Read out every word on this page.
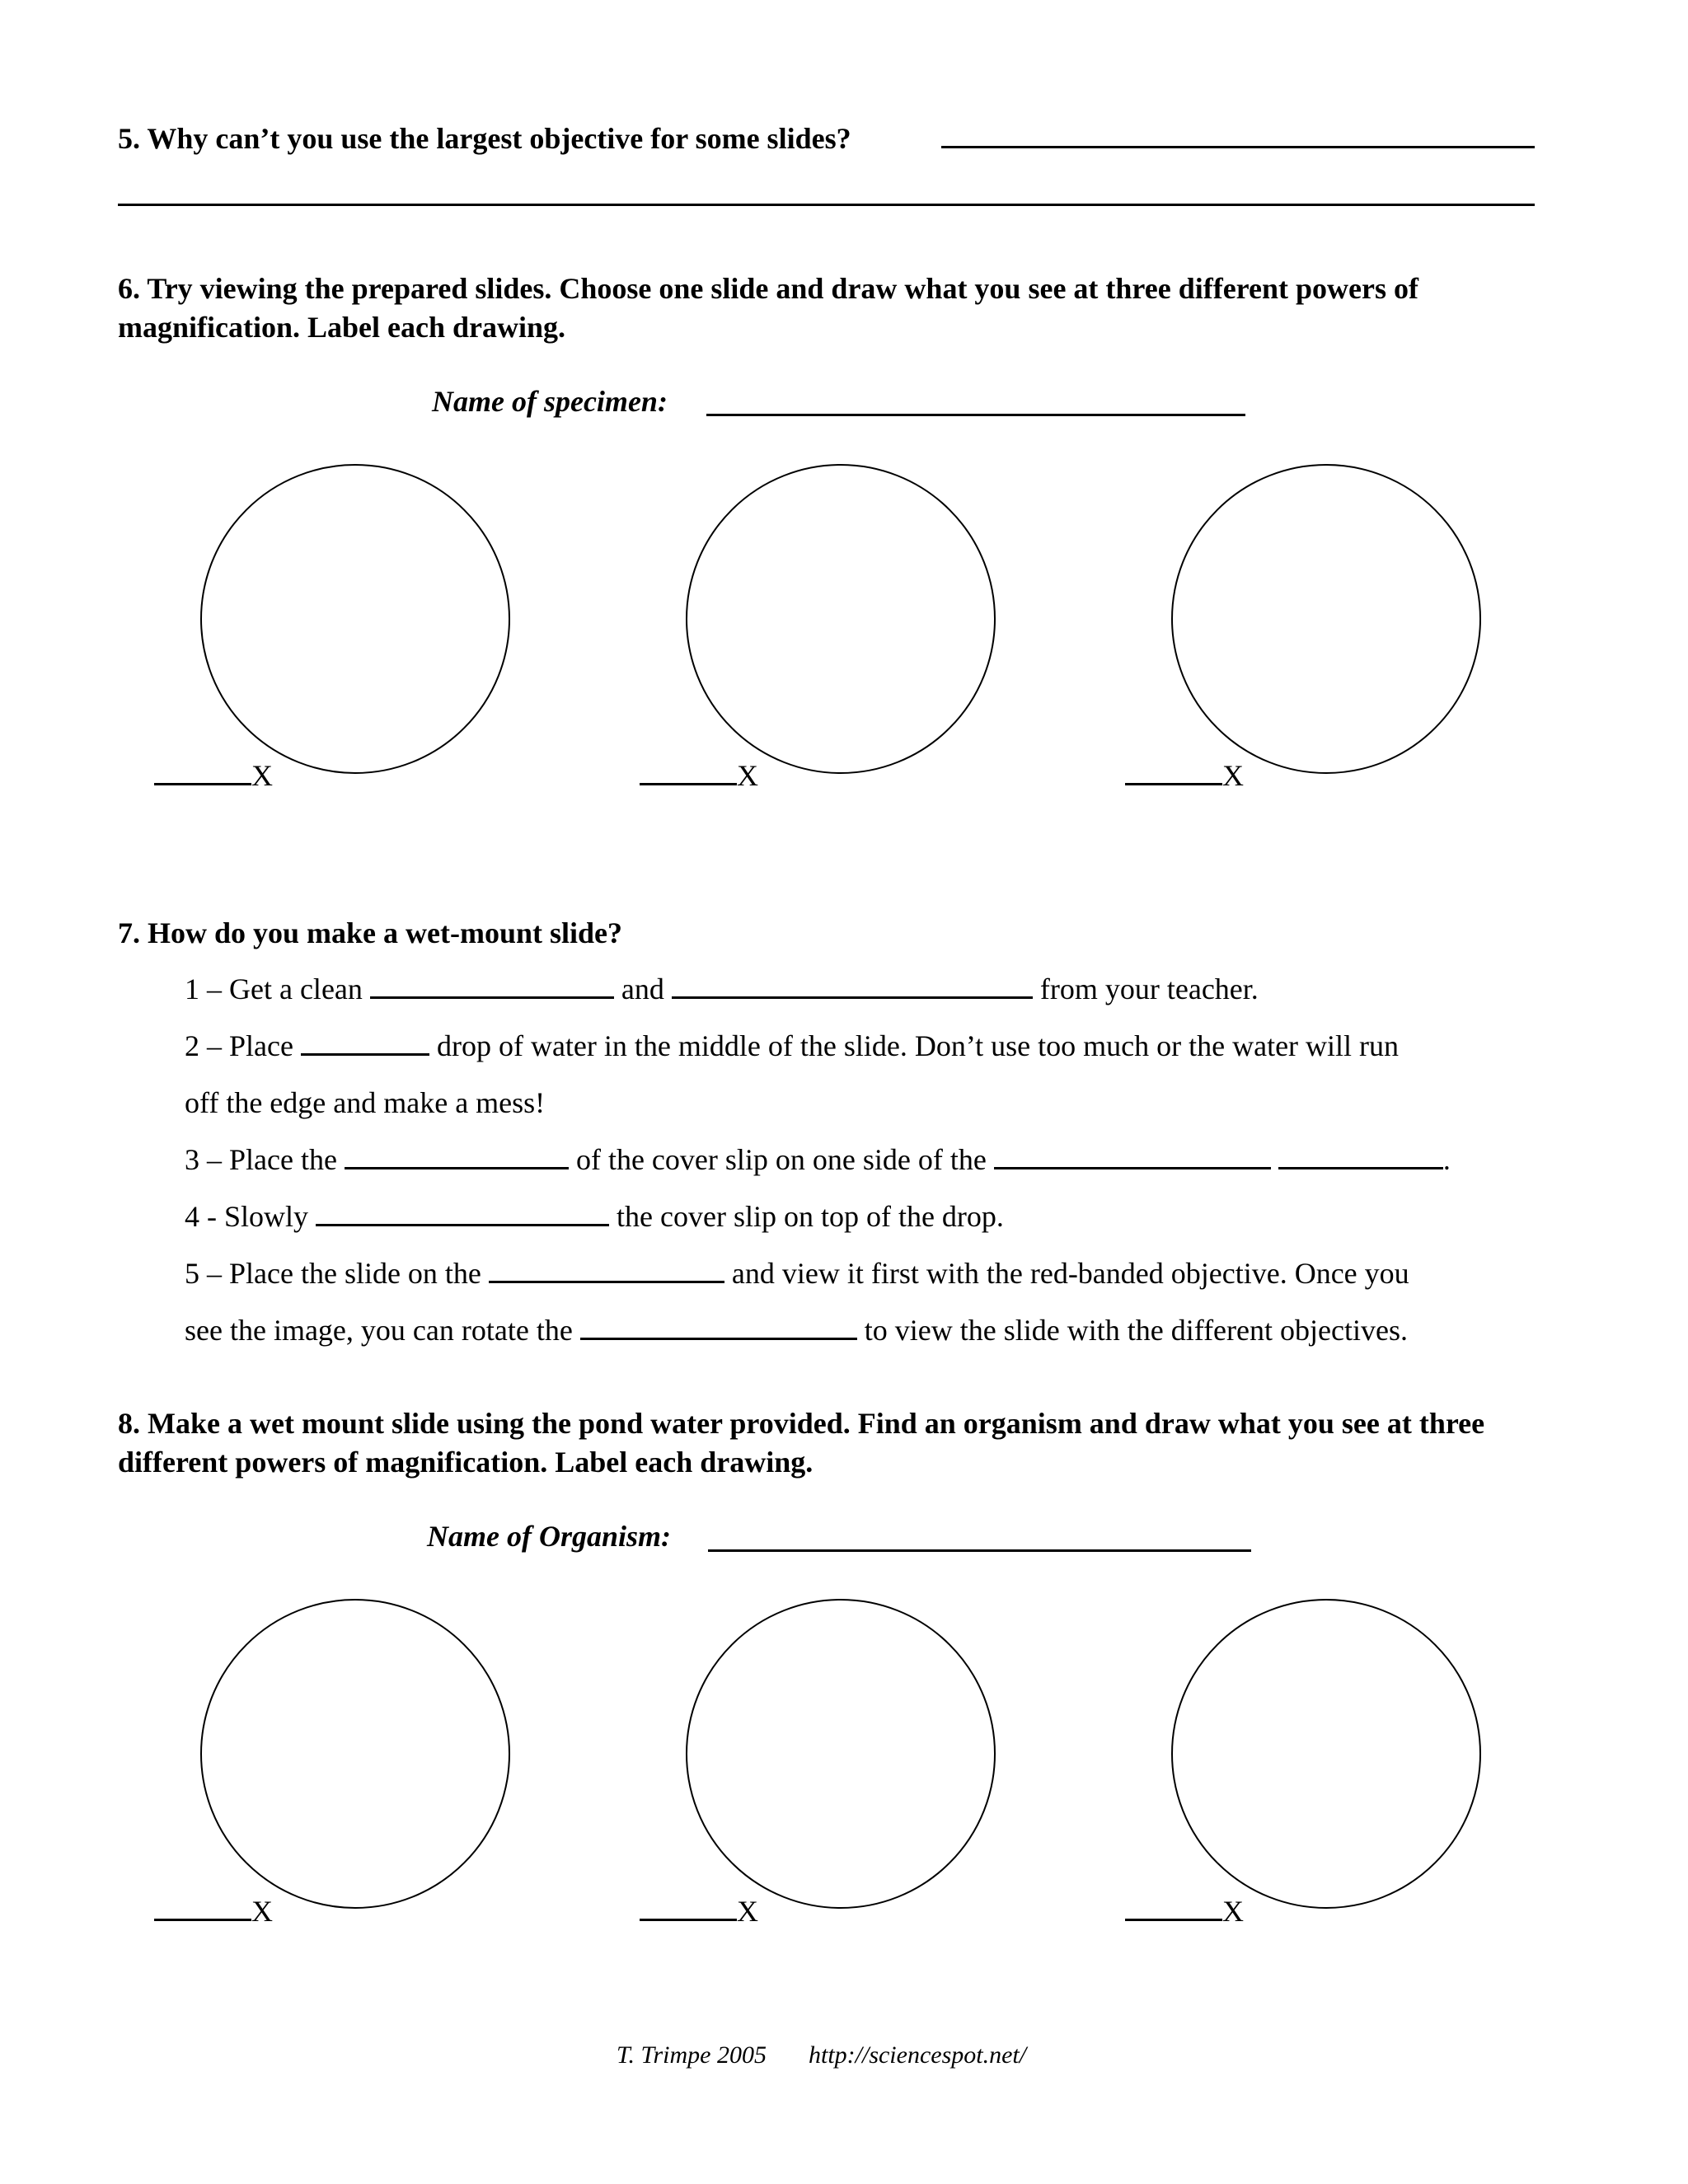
5. Why can’t you use the largest objective for some slides?
6. Try viewing the prepared slides. Choose one slide and draw what you see at three different powers of magnification. Label each drawing.
Name of specimen:
X	X	X
7. How do you make a wet-mount slide?
1 – Get a clean	and	from your teacher.
2 – Place	drop of water in the middle of the slide. Don’t use too much or the water will run
off the edge and make a mess!
3 – Place the	of the cover slip on one side of the	.
4 - Slowly	the cover slip on top of the drop.
5 – Place the slide on the	and view it first with the red-banded objective. Once you
see the image, you can rotate the	to view the slide with the different objectives.
8. Make a wet mount slide using the pond water provided. Find an organism and draw what you see at three different powers of magnification. Label each drawing.
Name of Organism:
X	X	X
T. Trimpe 2005 http://sciencespot.net/
